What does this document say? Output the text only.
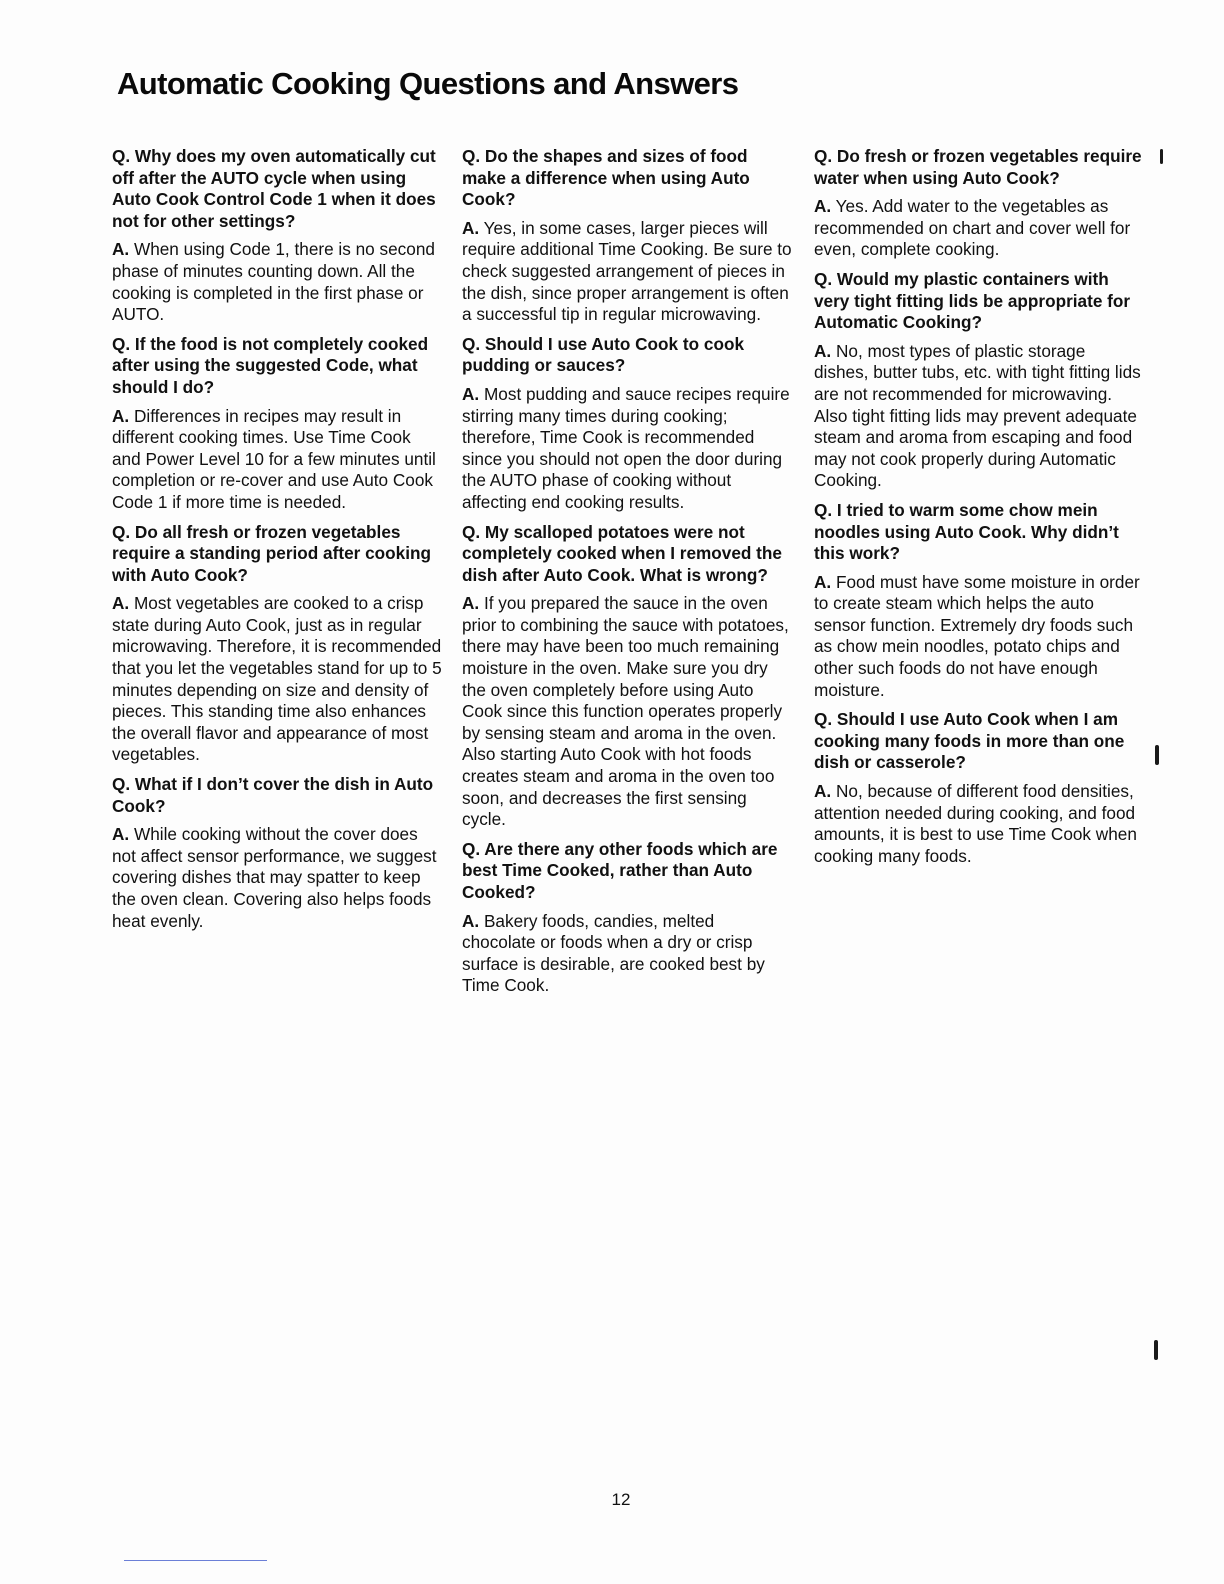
Automatic Cooking Questions and Answers

Q. Why does my oven automatically cut off after the AUTO cycle when using Auto Cook Control Code 1 when it does not for other settings?

A. When using Code 1, there is no second phase of minutes counting down. All the cooking is completed in the first phase or AUTO.

Q. If the food is not completely cooked after using the suggested Code, what should I do?

A. Differences in recipes may result in different cooking times. Use Time Cook and Power Level 10 for a few minutes until completion or re-cover and use Auto Cook Code 1 if more time is needed.

Q. Do all fresh or frozen vegetables require a standing period after cooking with Auto Cook?

A. Most vegetables are cooked to a crisp state during Auto Cook, just as in regular microwaving. Therefore, it is recommended that you let the vegetables stand for up to 5 minutes depending on size and density of pieces. This standing time also enhances the overall flavor and appearance of most vegetables.

Q. What if I don’t cover the dish in Auto Cook?

A. While cooking without the cover does not affect sensor performance, we suggest covering dishes that may spatter to keep the oven clean. Covering also helps foods heat evenly.

Q. Do the shapes and sizes of food make a difference when using Auto Cook?

A. Yes, in some cases, larger pieces will require additional Time Cooking. Be sure to check suggested arrangement of pieces in the dish, since proper arrangement is often a successful tip in regular microwaving.

Q. Should I use Auto Cook to cook pudding or sauces?

A. Most pudding and sauce recipes require stirring many times during cooking; therefore, Time Cook is recommended since you should not open the door during the AUTO phase of cooking without affecting end cooking results.

Q. My scalloped potatoes were not completely cooked when I removed the dish after Auto Cook. What is wrong?

A. If you prepared the sauce in the oven prior to combining the sauce with potatoes, there may have been too much remaining moisture in the oven. Make sure you dry the oven completely before using Auto Cook since this function operates properly by sensing steam and aroma in the oven. Also starting Auto Cook with hot foods creates steam and aroma in the oven too soon, and decreases the first sensing cycle.

Q. Are there any other foods which are best Time Cooked, rather than Auto Cooked?

A. Bakery foods, candies, melted chocolate or foods when a dry or crisp surface is desirable, are cooked best by Time Cook.

Q. Do fresh or frozen vegetables require water when using Auto Cook?

A. Yes. Add water to the vegetables as recommended on chart and cover well for even, complete cooking.

Q. Would my plastic containers with very tight fitting lids be appropriate for Automatic Cooking?

A. No, most types of plastic storage dishes, butter tubs, etc. with tight fitting lids are not recommended for microwaving. Also tight fitting lids may prevent adequate steam and aroma from escaping and food may not cook properly during Automatic Cooking.

Q. I tried to warm some chow mein noodles using Auto Cook. Why didn’t this work?

A. Food must have some moisture in order to create steam which helps the auto sensor function. Extremely dry foods such as chow mein noodles, potato chips and other such foods do not have enough moisture.

Q. Should I use Auto Cook when I am cooking many foods in more than one dish or casserole?

A. No, because of different food densities, attention needed during cooking, and food amounts, it is best to use Time Cook when cooking many foods.

12
